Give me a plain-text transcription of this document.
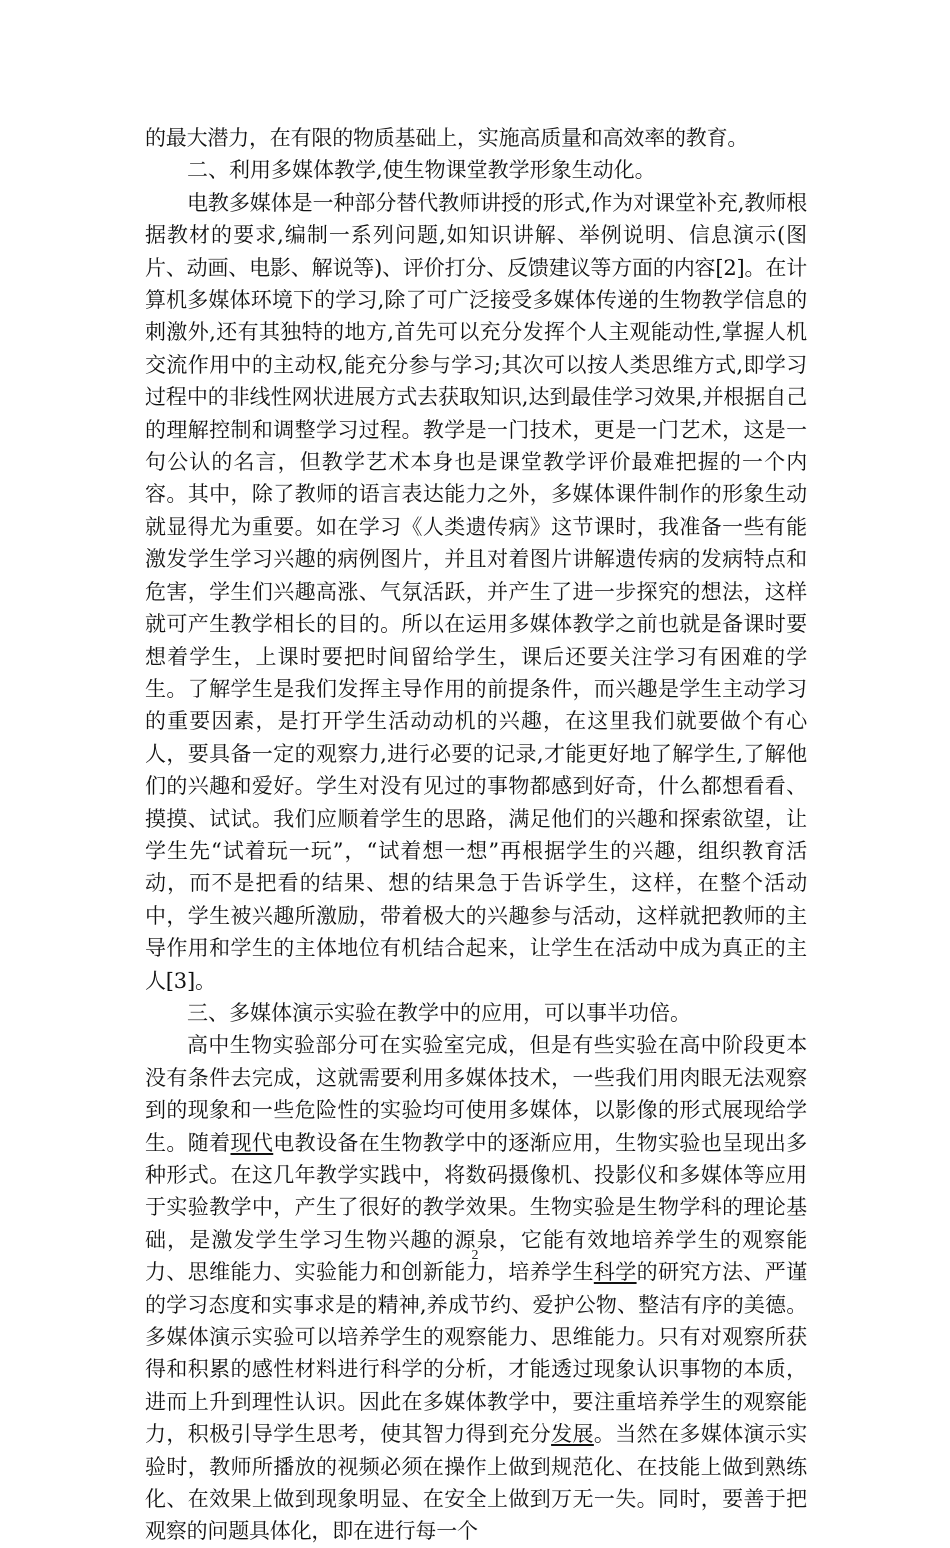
的最大潜力，在有限的物质基础上，实施高质量和高效率的教育。

二、利用多媒体教学,使生物课堂教学形象生动化。

电教多媒体是一种部分替代教师讲授的形式,作为对课堂补充,教师根据教材的要求,编制一系列问题,如知识讲解、举例说明、信息演示(图片、动画、电影、解说等)、评价打分、反馈建议等方面的内容[2]。在计算机多媒体环境下的学习,除了可广泛接受多媒体传递的生物教学信息的刺激外,还有其独特的地方,首先可以充分发挥个人主观能动性,掌握人机交流作用中的主动权,能充分参与学习;其次可以按人类思维方式,即学习过程中的非线性网状进展方式去获取知识,达到最佳学习效果,并根据自己的理解控制和调整学习过程。教学是一门技术，更是一门艺术，这是一句公认的名言，但教学艺术本身也是课堂教学评价最难把握的一个内容。其中，除了教师的语言表达能力之外，多媒体课件制作的形象生动就显得尤为重要。如在学习《人类遗传病》这节课时，我准备一些有能激发学生学习兴趣的病例图片，并且对着图片讲解遗传病的发病特点和危害，学生们兴趣高涨、气氛活跃，并产生了进一步探究的想法，这样就可产生教学相长的目的。所以在运用多媒体教学之前也就是备课时要想着学生，上课时要把时间留给学生，课后还要关注学习有困难的学生。了解学生是我们发挥主导作用的前提条件，而兴趣是学生主动学习的重要因素，是打开学生活动动机的兴趣，在这里我们就要做个有心人，要具备一定的观察力,进行必要的记录,才能更好地了解学生,了解他们的兴趣和爱好。学生对没有见过的事物都感到好奇，什么都想看看、摸摸、试试。我们应顺着学生的思路，满足他们的兴趣和探索欲望，让学生先“试着玩一玩”，“试着想一想”再根据学生的兴趣，组织教育活动，而不是把看的结果、想的结果急于告诉学生，这样，在整个活动中，学生被兴趣所激励，带着极大的兴趣参与活动，这样就把教师的主导作用和学生的主体地位有机结合起来，让学生在活动中成为真正的主人[3]。

三、多媒体演示实验在教学中的应用，可以事半功倍。

高中生物实验部分可在实验室完成，但是有些实验在高中阶段更本没有条件去完成，这就需要利用多媒体技术，一些我们用肉眼无法观察到的现象和一些危险性的实验均可使用多媒体，以影像的形式展现给学生。随着现代电教设备在生物教学中的逐渐应用，生物实验也呈现出多种形式。在这几年教学实践中，将数码摄像机、投影仪和多媒体等应用于实验教学中，产生了很好的教学效果。生物实验是生物学科的理论基础，是激发学生学习生物兴趣的源泉，它能有效地培养学生的观察能力、思维能力、实验能力和创新能力，培养学生科学的研究方法、严谨的学习态度和实事求是的精神,养成节约、爱护公物、整洁有序的美德。多媒体演示实验可以培养学生的观察能力、思维能力。只有对观察所获得和积累的感性材料进行科学的分析，才能透过现象认识事物的本质，进而上升到理性认识。因此在多媒体教学中，要注重培养学生的观察能力，积极引导学生思考，使其智力得到充分发展。当然在多媒体演示实验时，教师所播放的视频必须在操作上做到规范化、在技能上做到熟练化、在效果上做到现象明显、在安全上做到万无一失。同时，要善于把观察的问题具体化，即在进行每一个

2
